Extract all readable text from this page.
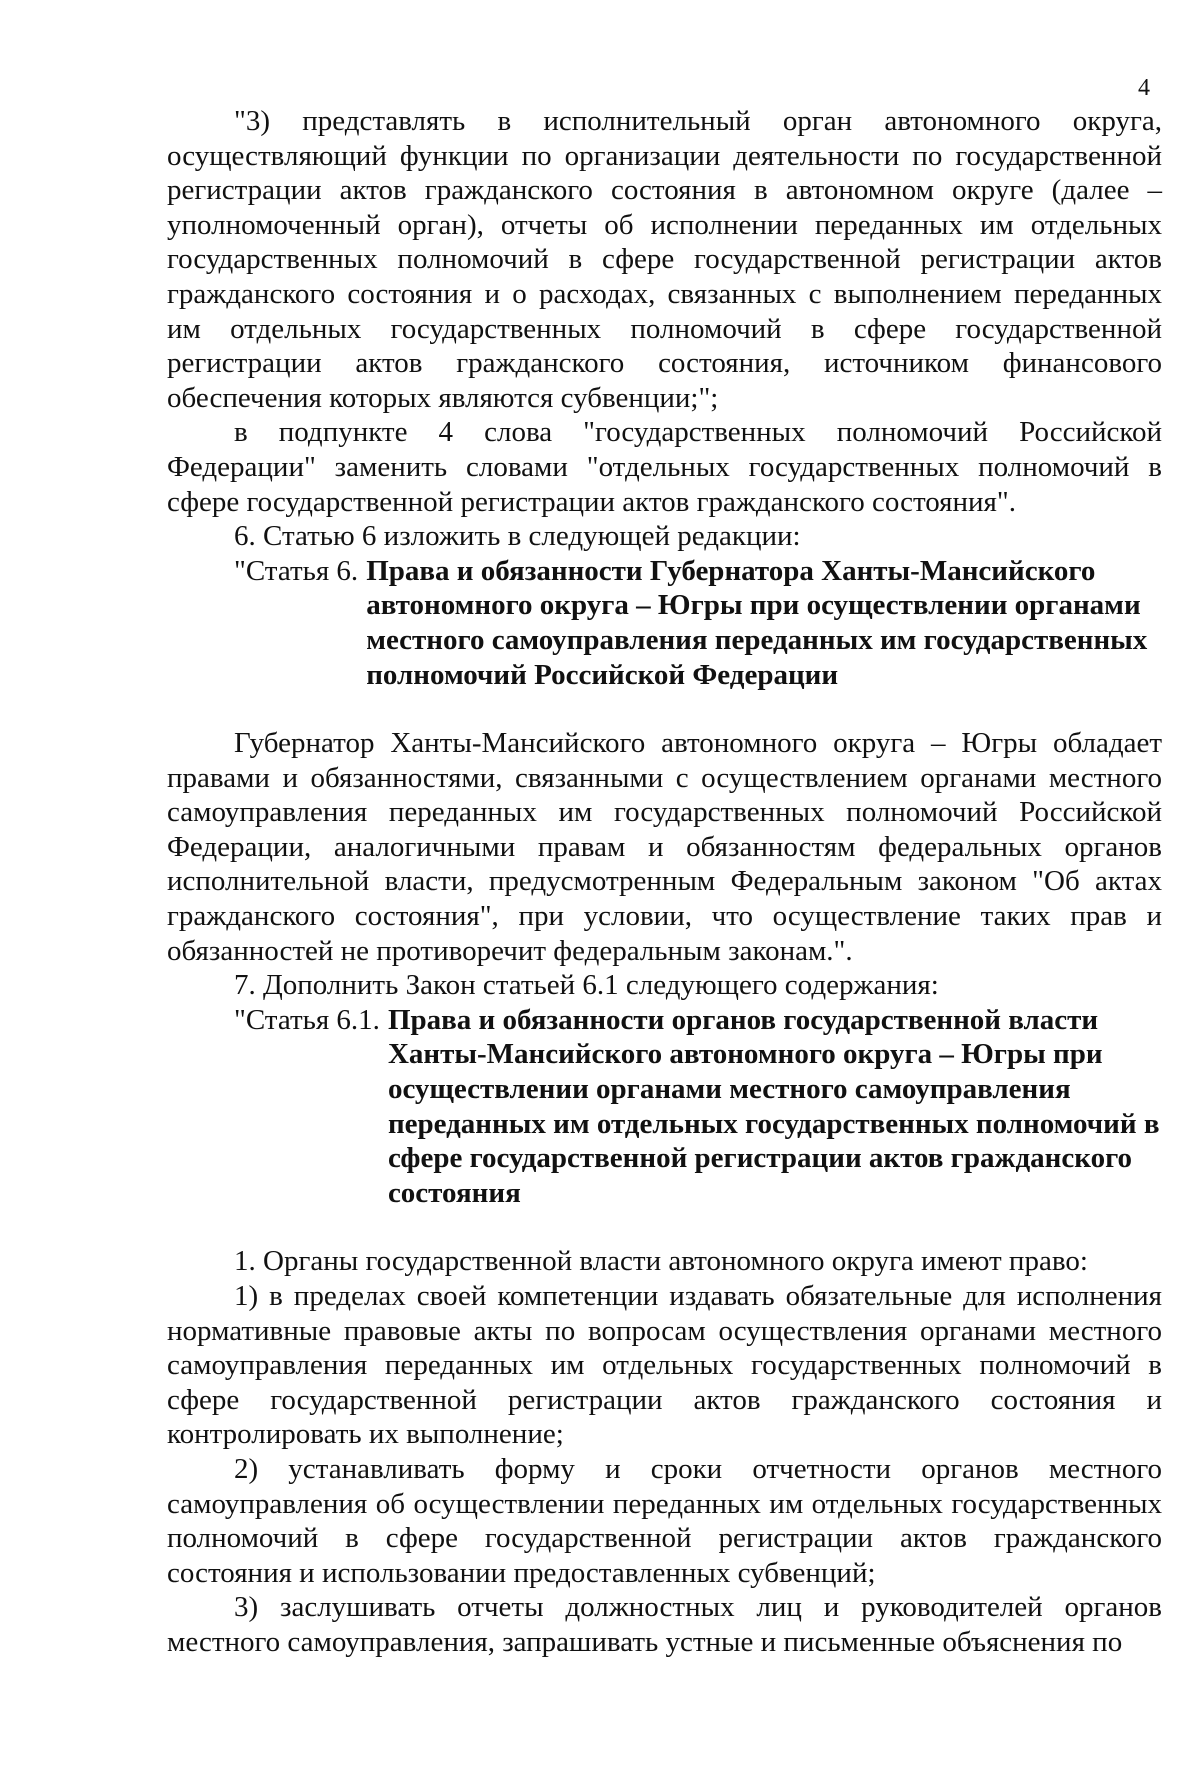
4

"3) представлять в исполнительный орган автономного округа, осуществляющий функции по организации деятельности по государственной регистрации актов гражданского состояния в автономном округе (далее – уполномоченный орган), отчеты об исполнении переданных им отдельных государственных полномочий в сфере государственной регистрации актов гражданского состояния и о расходах, связанных с выполнением переданных им отдельных государственных полномочий в сфере государственной регистрации актов гражданского состояния, источником финансового обеспечения которых являются субвенции;";

в подпункте 4 слова "государственных полномочий Российской Федерации" заменить словами "отдельных государственных полномочий в сфере государственной регистрации актов гражданского состояния".

6. Статью 6 изложить в следующей редакции:

"Статья 6. Права и обязанности Губернатора Ханты-Мансийского автономного округа – Югры при осуществлении органами местного самоуправления переданных им государственных полномочий Российской Федерации

Губернатор Ханты-Мансийского автономного округа – Югры обладает правами и обязанностями, связанными с осуществлением органами местного самоуправления переданных им государственных полномочий Российской Федерации, аналогичными правам и обязанностям федеральных органов исполнительной власти, предусмотренным Федеральным законом "Об актах гражданского состояния", при условии, что осуществление таких прав и обязанностей не противоречит федеральным законам.".

7. Дополнить Закон статьей 6.1 следующего содержания:

"Статья 6.1. Права и обязанности органов государственной власти Ханты-Мансийского автономного округа – Югры при осуществлении органами местного самоуправления переданных им отдельных государственных полномочий в сфере государственной регистрации актов гражданского состояния

1. Органы государственной власти автономного округа имеют право:

1) в пределах своей компетенции издавать обязательные для исполнения нормативные правовые акты по вопросам осуществления органами местного самоуправления переданных им отдельных государственных полномочий в сфере государственной регистрации актов гражданского состояния и контролировать их выполнение;

2) устанавливать форму и сроки отчетности органов местного самоуправления об осуществлении переданных им отдельных государственных полномочий в сфере государственной регистрации актов гражданского состояния и использовании предоставленных субвенций;

3) заслушивать отчеты должностных лиц и руководителей органов местного самоуправления, запрашивать устные и письменные объяснения по
